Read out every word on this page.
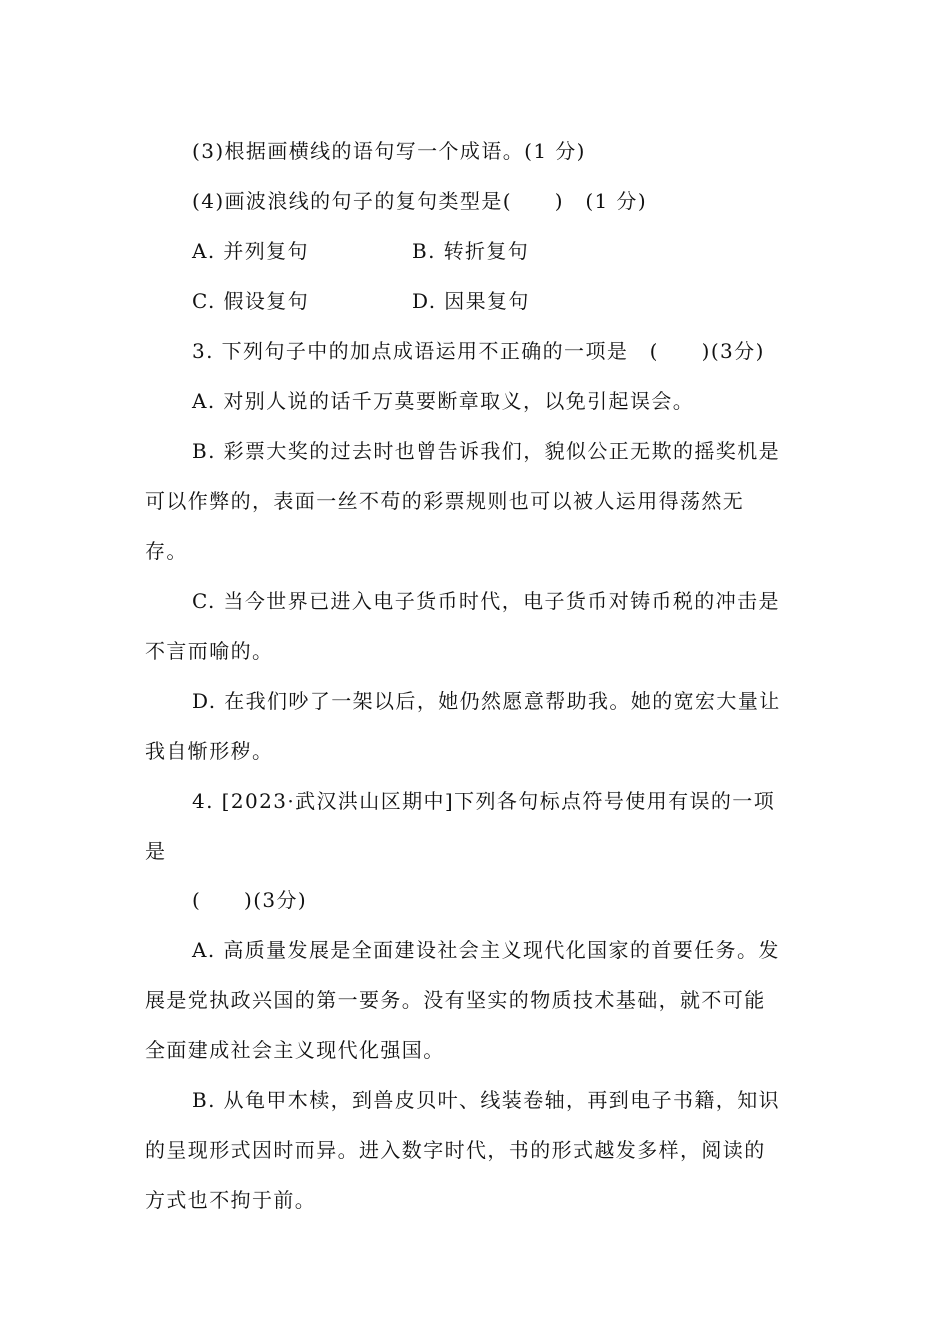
(3)根据画横线的语句写一个成语。(1 分)
(4)画波浪线的句子的复句类型是(　　)　(1 分)
A. 并列复句	B. 转折复句
C. 假设复句	D. 因果复句
3. 下列句子中的加点成语运用不正确的一项是　(　　)(3分)
A. 对别人说的话千万莫要断章取义，以免引起误会。
B. 彩票大奖的过去时也曾告诉我们，貌似公正无欺的摇奖机是
可以作弊的，表面一丝不苟的彩票规则也可以被人运用得荡然无
存。
C. 当今世界已进入电子货币时代，电子货币对铸币税的冲击是
不言而喻的。
D. 在我们吵了一架以后，她仍然愿意帮助我。她的宽宏大量让
我自惭形秽。
4. [2023·武汉洪山区期中]下列各句标点符号使用有误的一项
是
(　　)(3分)
A. 高质量发展是全面建设社会主义现代化国家的首要任务。发
展是党执政兴国的第一要务。没有坚实的物质技术基础，就不可能
全面建成社会主义现代化强国。
B. 从龟甲木椟，到兽皮贝叶、线装卷轴，再到电子书籍，知识
的呈现形式因时而异。进入数字时代，书的形式越发多样，阅读的
方式也不拘于前。
